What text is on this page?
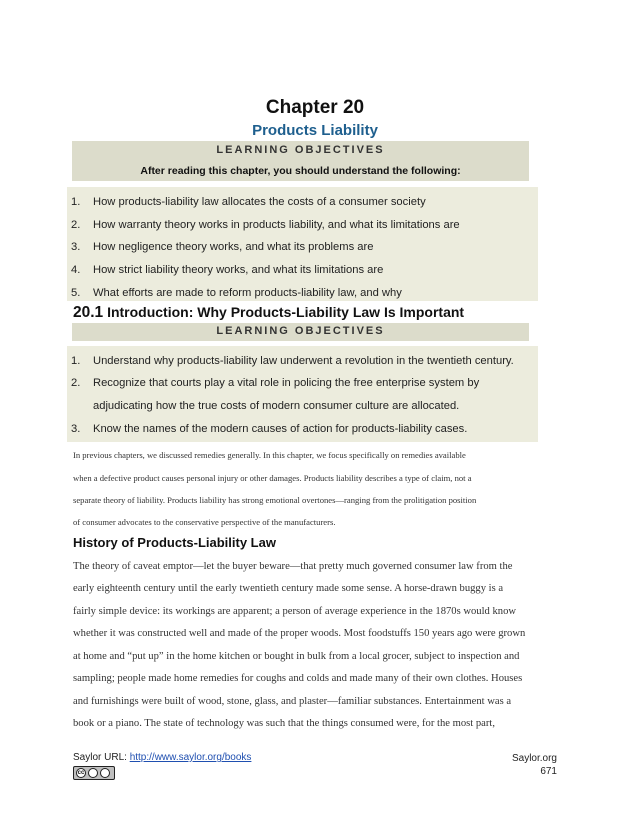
Chapter 20
Products Liability
LEARNING OBJECTIVES
After reading this chapter, you should understand the following:
1. How products-liability law allocates the costs of a consumer society
2. How warranty theory works in products liability, and what its limitations are
3. How negligence theory works, and what its problems are
4. How strict liability theory works, and what its limitations are
5. What efforts are made to reform products-liability law, and why
20.1 Introduction: Why Products-Liability Law Is Important
LEARNING OBJECTIVES
1. Understand why products-liability law underwent a revolution in the twentieth century.
2. Recognize that courts play a vital role in policing the free enterprise system by
adjudicating how the true costs of modern consumer culture are allocated.
3. Know the names of the modern causes of action for products-liability cases.
In previous chapters, we discussed remedies generally. In this chapter, we focus specifically on remedies available
when a defective product causes personal injury or other damages. Products liability describes a type of claim, not a
separate theory of liability. Products liability has strong emotional overtones—ranging from the prolitigation position
of consumer advocates to the conservative perspective of the manufacturers.
History of Products-Liability Law
The theory of caveat emptor—let the buyer beware—that pretty much governed consumer law from the
early eighteenth century until the early twentieth century made some sense. A horse-drawn buggy is a
fairly simple device: its workings are apparent; a person of average experience in the 1870s would know
whether it was constructed well and made of the proper woods. Most foodstuffs 150 years ago were grown
at home and “put up” in the home kitchen or bought in bulk from a local grocer, subject to inspection and
sampling; people made home remedies for coughs and colds and made many of their own clothes. Houses
and furnishings were built of wood, stone, glass, and plaster—familiar substances. Entertainment was a
book or a piano. The state of technology was such that the things consumed were, for the most part,
Saylor URL: http://www.saylor.org/books	Saylor.org
671
cc
